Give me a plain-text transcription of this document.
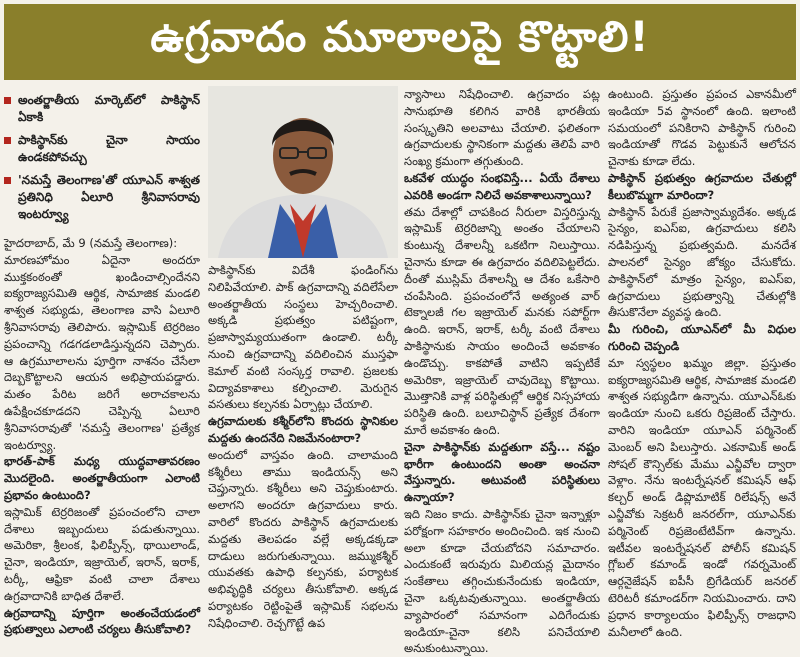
ఉగ్రవాదం మూలాలపై కొట్టాలి!
అంతర్జాతీయ మార్కెట్‌లో పాకిస్థాన్ ఏకాకి
పాకిస్థాన్‌కు చైనా సాయం ఉండకపోవచ్చు
'నమస్తే తెలంగాణ'తో యూఎన్ శాశ్వత ప్రతినిధి ఏలూరి శ్రీనివాసరావు ఇంటర్వ్యూ

హైదరాబాద్, మే 9 (నమస్తే తెలంగాణ):

మారణహోమం ఏదైనా అందరూ ముక్తకంఠంతో ఖండించాల్సిందేనని ఐక్యరాజ్యసమితి ఆర్థిక, సామాజిక మండలి శాశ్వత సభ్యుడు, తెలంగాణ వాసి ఏలూరి శ్రీనివాసరావు తెలిపారు. ఇస్లామిక్ టెర్రరిజం ప్రపంచాన్ని గడగడలాడిస్తున్నదని చెప్పారు. ఆ ఉగ్రమూలాలను పూర్తిగా నాశనం చేసేలా దెబ్బకొట్టాలని ఆయన అభిప్రాయపడ్డారు. మతం పేరిట జరిగే అరాచకాలను ఉపేక్షించకూడదని చెప్పిన్న ఏలూరి శ్రీనివాసరావుతో 'నమస్తే తెలంగాణ' ప్రత్యేక ఇంటర్వ్యూ.

భారత్-పాక్ మధ్య యుద్ధవాతావరణం మొదలైంది. అంతర్జాతీయంగా ఎలాంటి ప్రభావం ఉంటుంది?

ఇస్లామిక్ టెర్రరిజంతో ప్రపంచంలోని చాలా దేశాలు ఇబ్బందులు పడుతున్నాయి. అమెరికా, శ్రీలంక, ఫిలిప్పీన్స్, థాయిలాండ్, చైనా, ఇండియా, ఇజ్రాయెల్, ఇరాన్, ఇరాక్, టర్కీ, ఆఫ్రికా వంటి చాలా దేశాలు ఉగ్రవాదానికి బాధిత దేశాలే.

ఉగ్రవాదాన్ని పూర్తిగా అంతంచేయడంలో ప్రభుత్వాలు ఎలాంటి చర్యలు తీసుకోవాలి?

పాకిస్థాన్‌కు విదేశీ ఫండింగ్‌ను నిలిపివేయాలి. పాక్ ఉగ్రవాదాన్ని వదిలేసేలా అంతర్జాతీయ సంస్థలు హెచ్చరించాలి. అక్కడి ప్రభుత్వం పటిష్టంగా, ప్రజాస్వామ్యయుతంగా ఉండాలి. టర్కీ నుంచి ఉగ్రవాదాన్ని వదిలించిన ముస్తఫా కెమాల్ వంటి సంస్కర్త రావాలి. ప్రజలకు విద్యావకాశాలు కల్పించాలి. మెరుగైన వసతులు కల్పనకు ఏర్పాట్లు చేయాలి.

ఉగ్రవాదులకు కశ్మీర్‌లోని కొందరు స్థానికుల మద్దతు ఉందనేది నిజమేనంటారా?

అందులో వాస్తవం ఉంది. చాలామంది కశ్మీరీలు తాము ఇండియన్స్ అని చెప్తున్నారు. కశ్మీరీలు అని చెప్తుకుంటారు. అలాగని అందరూ ఉగ్రవాదులు కారు. వారిలో కొందరు పాకిస్థాన్ ఉగ్రవాదులకు మద్దతు తెలపడం వల్లే అక్కడక్కడా దాడులు జరుగుతున్నాయి. జమ్ముకశ్మీర్ యువతకు ఉపాధి కల్పనకు, పర్యాటక అభివృద్ధికి చర్యలు తీసుకోవాలి. అక్కడ పర్యాటకం రెట్టింపైతే ఇస్లామిక్ సభలను నిషేధించాలి. రెచ్చగొట్టే ఉప

న్యాసాలు నిషేధించాలి. ఉగ్రవాదం పట్ల సానుభూతి కలిగిన వారికి భారతీయ సంస్కృతిని అలవాటు చేయాలి. ఫలితంగా ఉగ్రవాదులకు స్థానికంగా మద్దతు తెలిపే వారి సంఖ్య క్రమంగా తగ్గుతుంది.

ఒకవేళ యుద్ధం సంభవిస్తే... ఏయే దేశాలు ఎవరికి అండగా నిలిచే అవకాశాలున్నాయి?

తమ దేశాల్లో చాపకింద నీరులా విస్తరిస్తున్న ఇస్లామిక్ టెర్రరిజాన్ని అంతం చేయాలని కుంటున్న దేశాలన్నీ ఒకటిగా నిలుస్తాయి. చైనాను కూడా ఈ ఉగ్రవాదం వదిలిపెట్టలేదు. దీంతో ముస్లిమ్ దేశాలన్నీ ఆ దేశం ఒకేసారి చంపేసింది. ప్రపంచంలోనే అత్యంత వార్ టెక్నాలజీ గల ఇజ్రాయెల్ మనకు సపోర్ట్‌గా ఉంది. ఇరాన్, ఇరాక్, టర్కీ వంటి దేశాలు పాకిస్థానుకు సాయం అందించే అవకాశం ఉండొచ్చు. కాకపోతే వాటిని ఇప్పటికే అమెరికా, ఇజ్రాయెల్ చావుదెబ్బ కొట్టాయి. మొత్తానికి వాళ్ల పరిస్థితుల్లో ఆర్థిక నిస్సహాయ పరిస్థితి ఉంది. బలూచిస్థాన్ ప్రత్యేక దేశంగా మారే అవకాశం ఉంది.

చైనా పాకిస్థాన్‌కు మద్దతుగా వస్తే... నష్టం భారీగా ఉంటుందని అంతా అంచనా వేస్తున్నారు. అటువంటి పరిస్థితులు ఉన్నాయా?

ఇది నిజం కాదు. పాకిస్థాన్‌కు చైనా ఇన్నాళ్లూ పరోక్షంగా సహకారం అందించింది. ఇక నుంచి అలా కూడా చేయబోదని సమాచారం. ఎందుకంటే ఇరువురు మిలియన్ల మైదానం సంకేతాలు తగ్గించుకునేందుకు ఇండియా, చైనా ఒక్కటవుతున్నాయి. అంతర్జాతీయ వ్యాపారంలో సమానంగా ఎదిగేందుకు ఇండియా-చైనా కలిసి పనిచేయాలి అనుకుంటున్నాయి.

ఉంటుంది. ప్రస్తుతం ప్రపంచ ఎకానమీలో ఇండియా 5వ స్థానంలో ఉంది. ఇలాంటి సమయంలో పనికిరాని పాకిస్థాన్ గురించి ఇండియాతో గొడవ పెట్టుకునే ఆలోచన చైనాకు కూడా లేదు.

పాకిస్థాన్ ప్రభుత్వం ఉగ్రవాదుల చేతుల్లో కీలుబొమ్మగా మారిందా?

పాకిస్థాన్ పేరుకే ప్రజాస్వామ్యదేశం. అక్కడ సైన్యం, ఐఎస్ఐ, ఉగ్రవాదులు కలిసి నడిపిస్తున్న ప్రభుత్వమది. మనదేశ పాలనలో సైన్యం జోక్యం చేసుకోదు. పాకిస్థాన్‌లో మాత్రం సైన్యం, ఐఎస్ఐ, ఉగ్రవాదులు ప్రభుత్వాన్ని చేతుల్లోకి తీసుకొనేలా వ్యవస్థ ఉంది.

మీ గురించి, యూఎన్‌లో మీ విధుల గురించి చెప్పండి

మా స్వస్థలం ఖమ్మం జిల్లా. ప్రస్తుతం ఐక్యరాజ్యసమితి ఆర్థిక, సామాజిక మండలి శాశ్వత సభ్యుడిగా ఉన్నాను. యూఎన్‌ఓకు ఇండియా నుంచి ఒకరు రిప్రజెంట్ చేస్తారు. వారిని ఇండియా యూఎన్ పర్మినెంట్ మెంబర్ అని పిలుస్తారు. ఎకనామిక్ అండ్ సోషల్ కౌన్సిల్‌కు మేము ఎన్జీవోల ద్వారా వెళ్లాం. నేను ఇంటర్నేషనల్ కమిషన్ ఆఫ్ కల్చర్ అండ్ డిప్లొమాటిక్ రిలేషన్స్ అనే ఎన్జీవోకు సెక్రటరీ జనరల్‌గా, యూఎన్‌కు పర్మినెంట్ రిప్రజెంటేటివ్‌గా ఉన్నాను. ఇటీవల ఇంటర్నేషనల్ పోలీస్ కమిషన్ గ్లోబల్ కమాండ్ ఇండో గవర్నమెంట్ ఆర్గనైజేషన్ ఐపీసీ బ్రిగేడియర్ జనరల్ టెరిటరీ కమాండర్‌గా నియమించారు. దాని ప్రధాన కార్యాలయం ఫిలిప్పీన్స్ రాజధాని మనీలాలో ఉంది.
